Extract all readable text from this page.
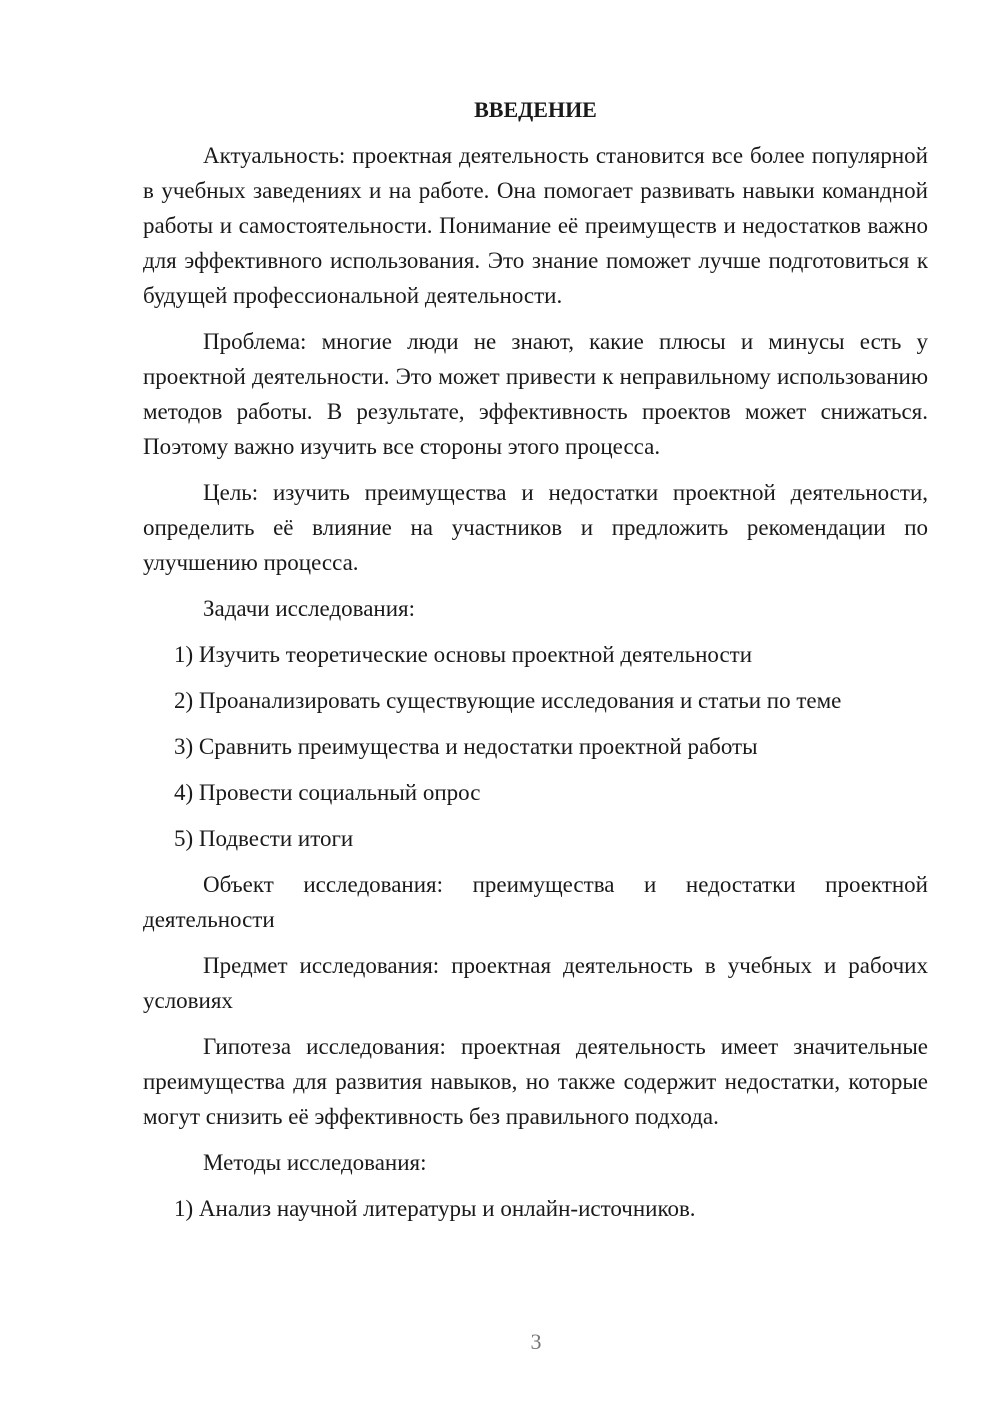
ВВЕДЕНИЕ

Актуальность: проектная деятельность становится все более популярной в учебных заведениях и на работе. Она помогает развивать навыки командной работы и самостоятельности. Понимание её преимуществ и недостатков важно для эффективного использования. Это знание поможет лучше подготовиться к будущей профессиональной деятельности.

Проблема: многие люди не знают, какие плюсы и минусы есть у проектной деятельности. Это может привести к неправильному использованию методов работы. В результате, эффективность проектов может снижаться. Поэтому важно изучить все стороны этого процесса.

Цель: изучить преимущества и недостатки проектной деятельности, определить её влияние на участников и предложить рекомендации по улучшению процесса.

Задачи исследования:

1) Изучить теоретические основы проектной деятельности
2) Проанализировать существующие исследования и статьи по теме
3) Сравнить преимущества и недостатки проектной работы
4) Провести социальный опрос
5) Подвести итоги

Объект исследования: преимущества и недостатки проектной деятельности

Предмет исследования: проектная деятельность в учебных и рабочих условиях

Гипотеза исследования: проектная деятельность имеет значительные преимущества для развития навыков, но также содержит недостатки, которые могут снизить её эффективность без правильного подхода.

Методы исследования:

1) Анализ научной литературы и онлайн-источников.
3
